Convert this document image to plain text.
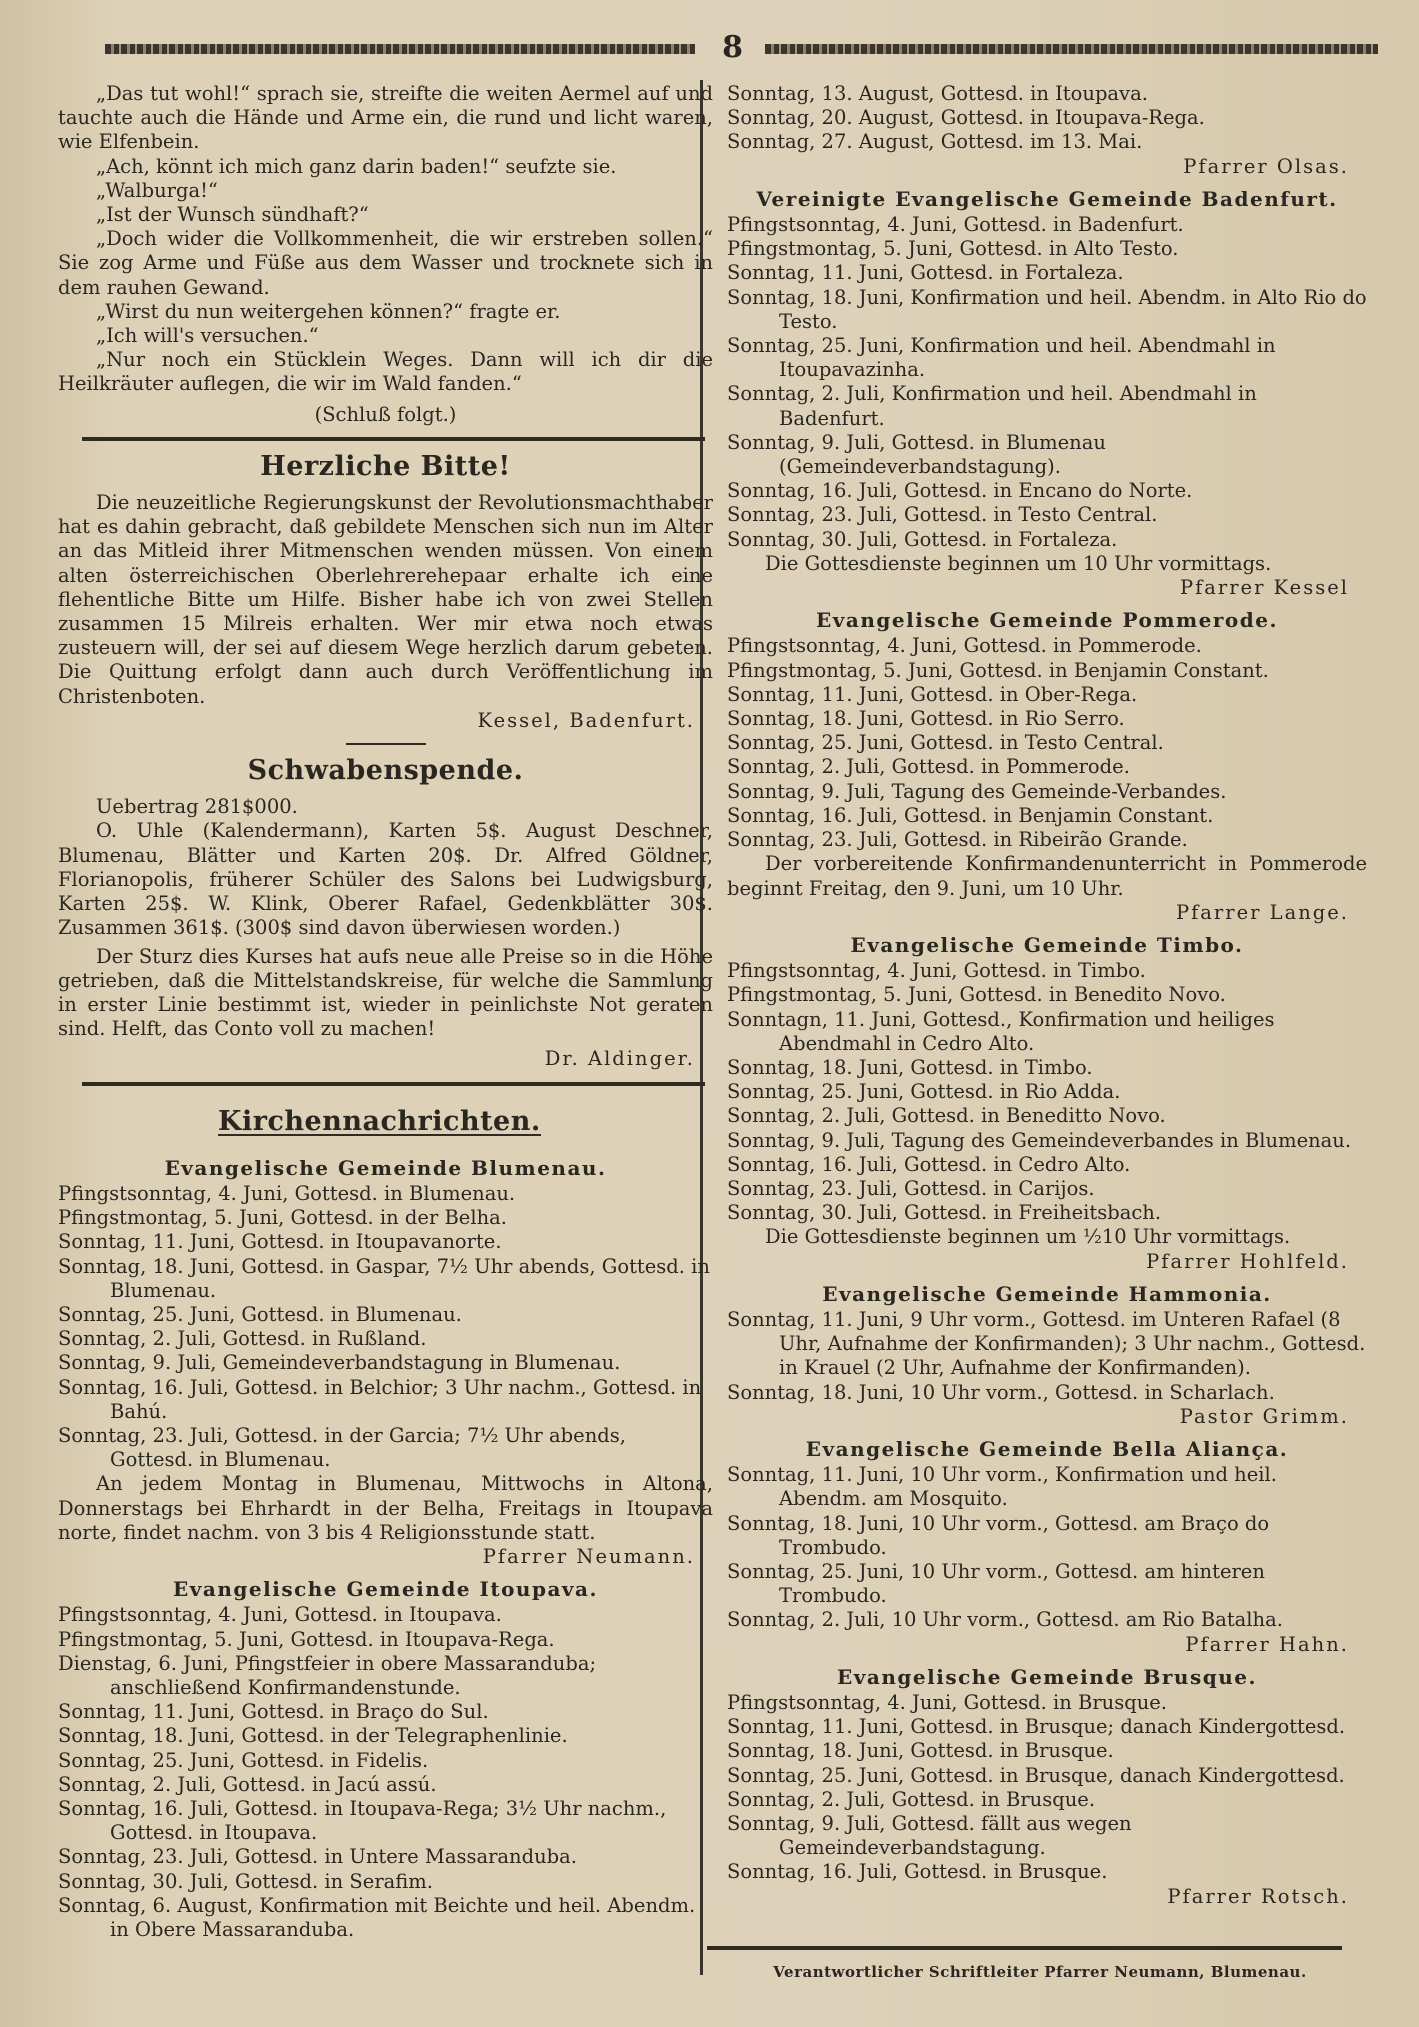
8

„Das tut wohl!“ sprach sie, streifte die weiten Aermel auf und tauchte auch die Hände und Arme ein, die rund und licht waren, wie Elfenbein.

„Ach, könnt ich mich ganz darin baden!“ seufzte sie.

„Walburga!“

„Ist der Wunsch sündhaft?“

„Doch wider die Vollkommenheit, die wir erstreben sollen.“ Sie zog Arme und Füße aus dem Wasser und trocknete sich in dem rauhen Gewand.

„Wirst du nun weitergehen können?“ fragte er.

„Ich will's versuchen.“

„Nur noch ein Stücklein Weges. Dann will ich dir die Heilkräuter auflegen, die wir im Wald fanden.“

(Schluß folgt.)

Herzliche Bitte!

Die neuzeitliche Regierungskunst der Revolutionsmachthaber hat es dahin gebracht, daß gebildete Menschen sich nun im Alter an das Mitleid ihrer Mitmenschen wenden müssen. Von einem alten österreichischen Oberlehrerehepaar erhalte ich eine flehentliche Bitte um Hilfe. Bisher habe ich von zwei Stellen zusammen 15 Milreis erhalten. Wer mir etwa noch etwas zusteuern will, der sei auf diesem Wege herzlich darum gebeten. Die Quittung erfolgt dann auch durch Veröffentlichung im Christenboten.

Kessel, Badenfurt.

Schwabenspende.

Uebertrag 281$000.

O. Uhle (Kalendermann), Karten 5$. August Deschner, Blumenau, Blätter und Karten 20$. Dr. Alfred Göldner, Florianopolis, früherer Schüler des Salons bei Ludwigsburg, Karten 25$. W. Klink, Oberer Rafael, Gedenkblätter 30$. Zusammen 361$. (300$ sind davon überwiesen worden.)

Der Sturz dies Kurses hat aufs neue alle Preise so in die Höhe getrieben, daß die Mittelstandskreise, für welche die Sammlung in erster Linie bestimmt ist, wieder in peinlichste Not geraten sind. Helft, das Conto voll zu machen!

Dr. Aldinger.

Kirchennachrichten.
Evangelische Gemeinde Blumenau.

Pfingstsonntag, 4. Juni, Gottesd. in Blumenau.

Pfingstmontag, 5. Juni, Gottesd. in der Belha.

Sonntag, 11. Juni, Gottesd. in Itoupavanorte.

Sonntag, 18. Juni, Gottesd. in Gaspar, 7½ Uhr abends, Gottesd. in Blumenau.

Sonntag, 25. Juni, Gottesd. in Blumenau.

Sonntag, 2. Juli, Gottesd. in Rußland.

Sonntag, 9. Juli, Gemeindeverbandstagung in Blumenau.

Sonntag, 16. Juli, Gottesd. in Belchior; 3 Uhr nachm., Gottesd. in Bahú.

Sonntag, 23. Juli, Gottesd. in der Garcia; 7½ Uhr abends, Gottesd. in Blumenau.

An jedem Montag in Blumenau, Mittwochs in Altona, Donnerstags bei Ehrhardt in der Belha, Freitags in Itoupava norte, findet nachm. von 3 bis 4 Religionsstunde statt.

Pfarrer Neumann.

Evangelische Gemeinde Itoupava.

Pfingstsonntag, 4. Juni, Gottesd. in Itoupava.

Pfingstmontag, 5. Juni, Gottesd. in Itoupava-Rega.

Dienstag, 6. Juni, Pfingstfeier in obere Massaranduba; anschließend Konfirmandenstunde.

Sonntag, 11. Juni, Gottesd. in Braço do Sul.

Sonntag, 18. Juni, Gottesd. in der Telegraphenlinie.

Sonntag, 25. Juni, Gottesd. in Fidelis.

Sonntag, 2. Juli, Gottesd. in Jacú assú.

Sonntag, 16. Juli, Gottesd. in Itoupava-Rega; 3½ Uhr nachm., Gottesd. in Itoupava.

Sonntag, 23. Juli, Gottesd. in Untere Massaranduba.

Sonntag, 30. Juli, Gottesd. in Serafim.

Sonntag, 6. August, Konfirmation mit Beichte und heil. Abendm. in Obere Massaranduba.

Sonntag, 13. August, Gottesd. in Itoupava.

Sonntag, 20. August, Gottesd. in Itoupava-Rega.

Sonntag, 27. August, Gottesd. im 13. Mai.

Pfarrer Olsas.

Vereinigte Evangelische Gemeinde Badenfurt.

Pfingstsonntag, 4. Juni, Gottesd. in Badenfurt.

Pfingstmontag, 5. Juni, Gottesd. in Alto Testo.

Sonntag, 11. Juni, Gottesd. in Fortaleza.

Sonntag, 18. Juni, Konfirmation und heil. Abendm. in Alto Rio do Testo.

Sonntag, 25. Juni, Konfirmation und heil. Abendmahl in Itoupavazinha.

Sonntag, 2. Juli, Konfirmation und heil. Abendmahl in Badenfurt.

Sonntag, 9. Juli, Gottesd. in Blumenau (Gemeindeverbandstagung).

Sonntag, 16. Juli, Gottesd. in Encano do Norte.

Sonntag, 23. Juli, Gottesd. in Testo Central.

Sonntag, 30. Juli, Gottesd. in Fortaleza.

Die Gottesdienste beginnen um 10 Uhr vormittags.

Pfarrer Kessel

Evangelische Gemeinde Pommerode.

Pfingstsonntag, 4. Juni, Gottesd. in Pommerode.

Pfingstmontag, 5. Juni, Gottesd. in Benjamin Constant.

Sonntag, 11. Juni, Gottesd. in Ober-Rega.

Sonntag, 18. Juni, Gottesd. in Rio Serro.

Sonntag, 25. Juni, Gottesd. in Testo Central.

Sonntag, 2. Juli, Gottesd. in Pommerode.

Sonntag, 9. Juli, Tagung des Gemeinde-Verbandes.

Sonntag, 16. Juli, Gottesd. in Benjamin Constant.

Sonntag, 23. Juli, Gottesd. in Ribeirão Grande.

Der vorbereitende Konfirmandenunterricht in Pommerode beginnt Freitag, den 9. Juni, um 10 Uhr.

Pfarrer Lange.

Evangelische Gemeinde Timbo.

Pfingstsonntag, 4. Juni, Gottesd. in Timbo.

Pfingstmontag, 5. Juni, Gottesd. in Benedito Novo.

Sonntagn, 11. Juni, Gottesd., Konfirmation und heiliges Abendmahl in Cedro Alto.

Sonntag, 18. Juni, Gottesd. in Timbo.

Sonntag, 25. Juni, Gottesd. in Rio Adda.

Sonntag, 2. Juli, Gottesd. in Beneditto Novo.

Sonntag, 9. Juli, Tagung des Gemeindeverbandes in Blumenau.

Sonntag, 16. Juli, Gottesd. in Cedro Alto.

Sonntag, 23. Juli, Gottesd. in Carijos.

Sonntag, 30. Juli, Gottesd. in Freiheitsbach.

Die Gottesdienste beginnen um ½10 Uhr vormittags.

Pfarrer Hohlfeld.

Evangelische Gemeinde Hammonia.

Sonntag, 11. Juni, 9 Uhr vorm., Gottesd. im Unteren Rafael (8 Uhr, Aufnahme der Konfirmanden); 3 Uhr nachm., Gottesd. in Krauel (2 Uhr, Aufnahme der Konfirmanden).

Sonntag, 18. Juni, 10 Uhr vorm., Gottesd. in Scharlach.

Pastor Grimm.

Evangelische Gemeinde Bella Aliança.

Sonntag, 11. Juni, 10 Uhr vorm., Konfirmation und heil. Abendm. am Mosquito.

Sonntag, 18. Juni, 10 Uhr vorm., Gottesd. am Braço do Trombudo.

Sonntag, 25. Juni, 10 Uhr vorm., Gottesd. am hinteren Trombudo.

Sonntag, 2. Juli, 10 Uhr vorm., Gottesd. am Rio Batalha.

Pfarrer Hahn.

Evangelische Gemeinde Brusque.

Pfingstsonntag, 4. Juni, Gottesd. in Brusque.

Sonntag, 11. Juni, Gottesd. in Brusque; danach Kindergottesd.

Sonntag, 18. Juni, Gottesd. in Brusque.

Sonntag, 25. Juni, Gottesd. in Brusque, danach Kindergottesd.

Sonntag, 2. Juli, Gottesd. in Brusque.

Sonntag, 9. Juli, Gottesd. fällt aus wegen Gemeindeverbandstagung.

Sonntag, 16. Juli, Gottesd. in Brusque.

Pfarrer Rotsch.

Verantwortlicher Schriftleiter Pfarrer Neumann, Blumenau.
